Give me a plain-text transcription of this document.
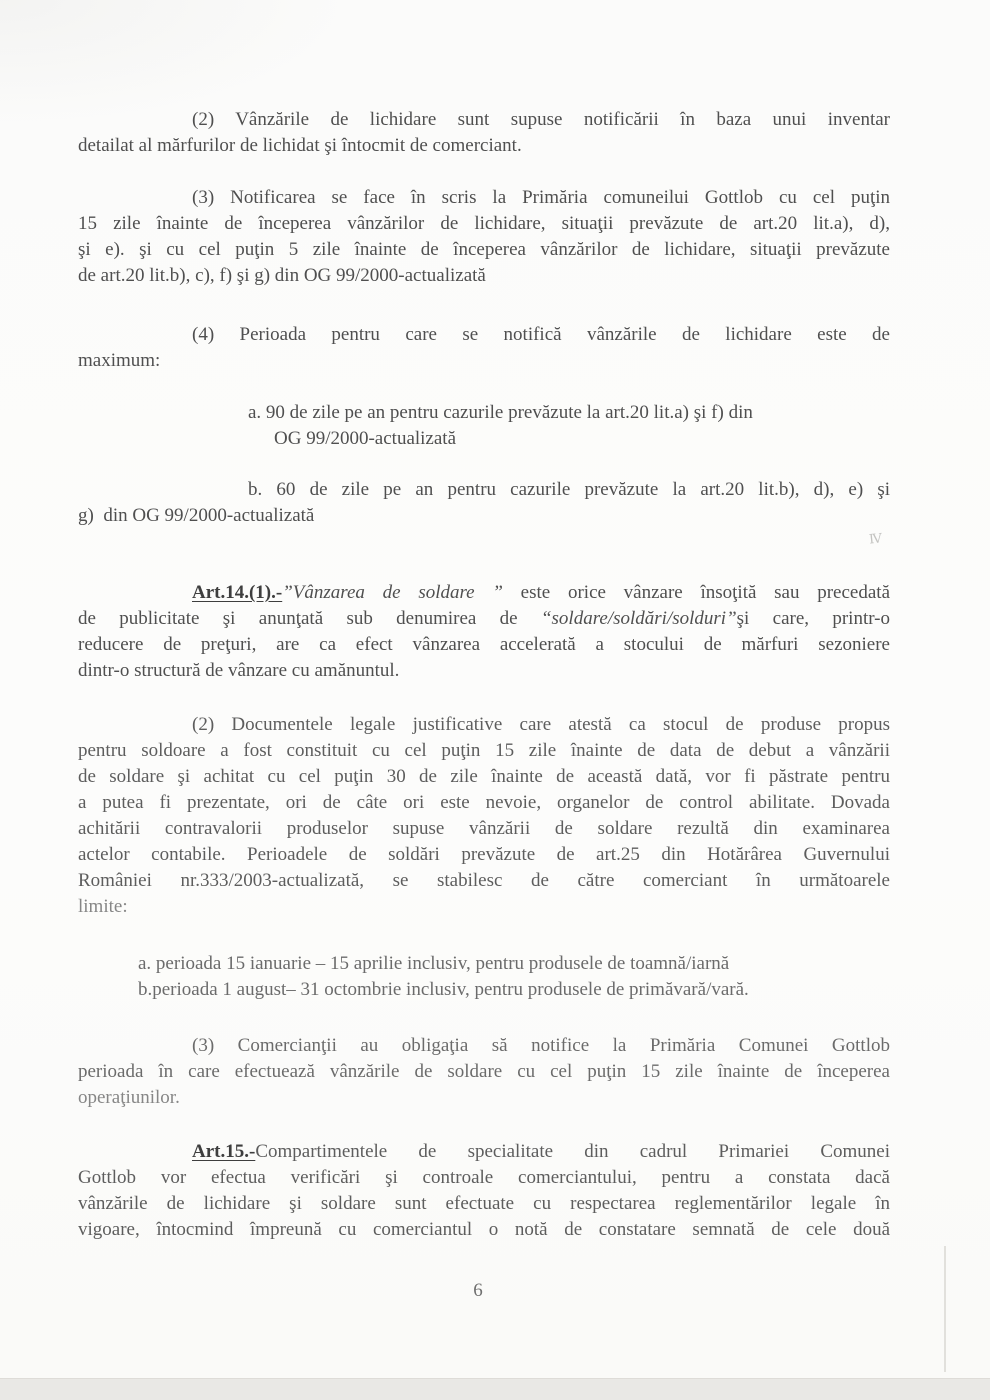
(2) Vânzările de lichidare sunt supuse notificării în baza unui inventar
detailat al mărfurilor de lichidat şi întocmit de comerciant.
(3) Notificarea se face în scris la Primăria comuneilui Gottlob cu cel puţin
15 zile înainte de începerea vânzărilor de lichidare, situaţii prevăzute de art.20 lit.a), d),
şi e). şi cu cel puţin 5 zile înainte de începerea vânzărilor de lichidare, situaţii prevăzute
de art.20 lit.b), c), f) şi g) din OG 99/2000-actualizată
(4) Perioada pentru care se notifică vânzările de lichidare este de
maximum:
a. 90 de zile pe an pentru cazurile prevăzute la art.20 lit.a) şi f) din
OG 99/2000-actualizată
b. 60 de zile pe an pentru cazurile prevăzute la art.20 lit.b), d), e) şi
g)  din OG 99/2000-actualizată
Ⅳ
Art.14.(1).-”Vânzarea de soldare ” este orice vânzare însoţită sau precedată
de publicitate şi anunţată sub denumirea de “soldare/soldări/solduri”şi care, printr-o
reducere de preţuri, are ca efect vânzarea accelerată a stocului de mărfuri sezoniere
dintr-o structură de vânzare cu amănuntul.
(2) Documentele legale justificative care atestă ca stocul de produse propus
pentru soldoare a fost constituit cu cel puţin 15 zile înainte de data de debut a vânzării
de soldare şi achitat cu cel puţin 30 de zile înainte de această dată, vor fi păstrate pentru
a putea fi prezentate, ori de câte ori este nevoie, organelor de control abilitate. Dovada
achitării contravalorii produselor supuse vânzării de soldare rezultă din examinarea
actelor contabile. Perioadele de soldări prevăzute de art.25 din Hotărârea Guvernului
României nr.333/2003-actualizată, se stabilesc de către comerciant în următoarele
limite:
a. perioada 15 ianuarie – 15 aprilie inclusiv, pentru produsele de toamnă/iarnă
b.perioada 1 august– 31 octombrie inclusiv, pentru produsele de primăvară/vară.
(3) Comercianţii au obligaţia să notifice la Primăria Comunei Gottlob
perioada în care efectuează vânzările de soldare cu cel puţin 15 zile înainte de începerea
operaţiunilor.
Art.15.-Compartimentele de specialitate din cadrul Primariei Comunei
Gottlob vor efectua verificări şi controale comerciantului, pentru a constata dacă
vânzările de lichidare şi soldare sunt efectuate cu respectarea reglementărilor legale în
vigoare, întocmind împreună cu comerciantul o notă de constatare semnată de cele două
6
